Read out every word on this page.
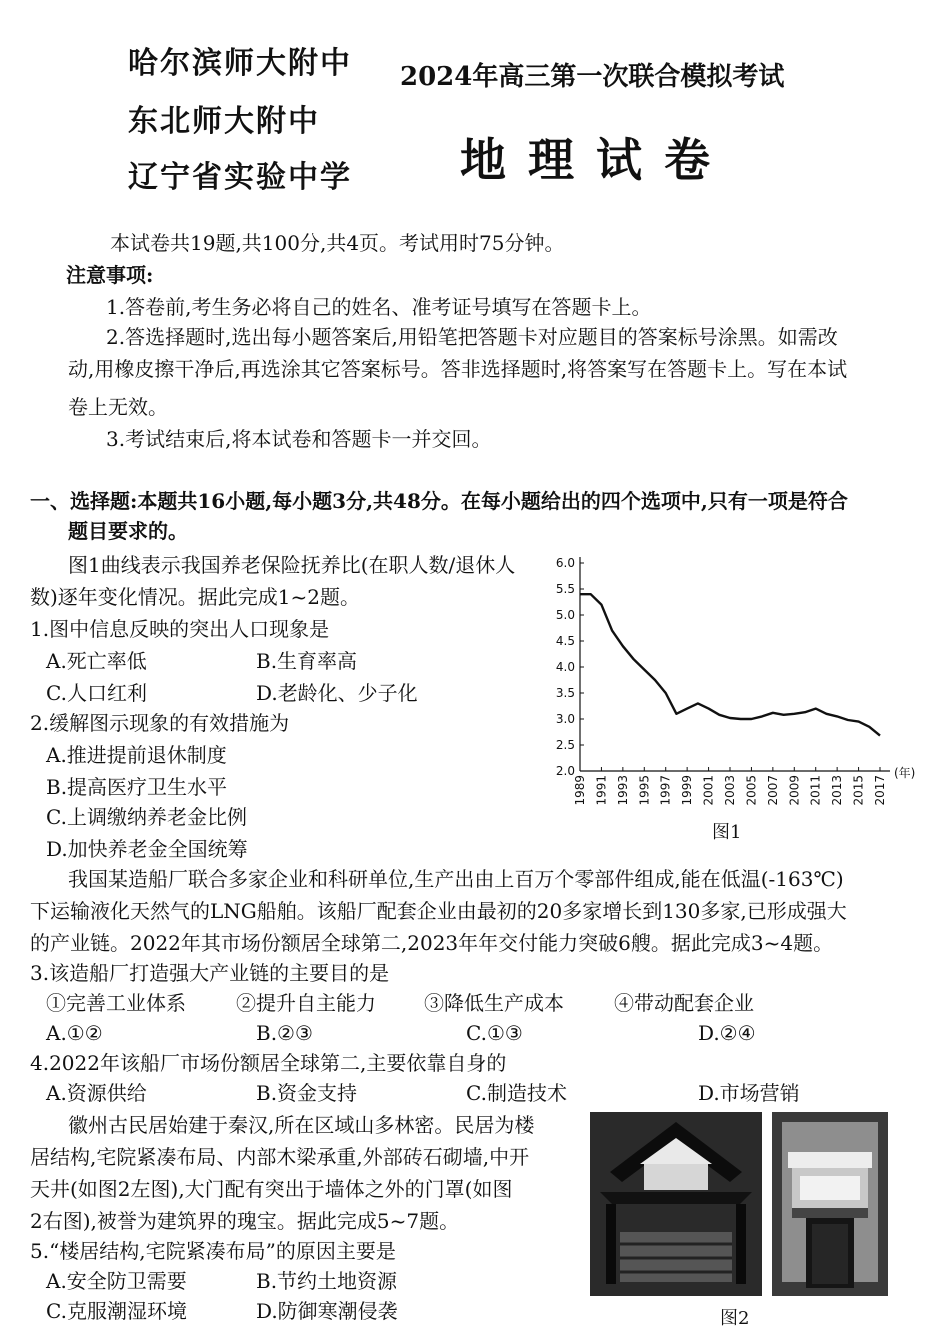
哈尔滨师大附中
东北师大附中
辽宁省实验中学
2024年高三第一次联合模拟考试
地理试卷
本试卷共19题,共100分,共4页。考试用时75分钟。
注意事项:
1.答卷前,考生务必将自己的姓名、准考证号填写在答题卡上。
2.答选择题时,选出每小题答案后,用铅笔把答题卡对应题目的答案标号涂黑。如需改
动,用橡皮擦干净后,再选涂其它答案标号。答非选择题时,将答案写在答题卡上。写在本试
卷上无效。
3.考试结束后,将本试卷和答题卡一并交回。
一、选择题:本题共16小题,每小题3分,共48分。在每小题给出的四个选项中,只有一项是符合
题目要求的。
图1曲线表示我国养老保险抚养比(在职人数/退休人
数)逐年变化情况。据此完成1~2题。
1.图中信息反映的突出人口现象是
A.死亡率低	B.生育率高
C.人口红利	D.老龄化、少子化
2.缓解图示现象的有效措施为
A.推进提前退休制度
B.提高医疗卫生水平
C.上调缴纳养老金比例
D.加快养老金全国统筹
2.0
2.5
3.0
3.5
4.0
4.5
5.0
5.5
6.0
1989 1991 1993 1995 1997 1999 2001 2003 2005 2007 2009 2011 2013 2015 2017
(年)
图1
我国某造船厂联合多家企业和科研单位,生产出由上百万个零部件组成,能在低温(-163℃)
下运输液化天然气的LNG船舶。该船厂配套企业由最初的20多家增长到130多家,已形成强大
的产业链。2022年其市场份额居全球第二,2023年年交付能力突破6艘。据此完成3~4题。
3.该造船厂打造强大产业链的主要目的是
①完善工业体系	②提升自主能力 ③降低生产成本	④带动配套企业
A.①②	B.②③	C.①③	D.②④
4.2022年该船厂市场份额居全球第二,主要依靠自身的
A.资源供给	B.资金支持	C.制造技术	D.市场营销
徽州古民居始建于秦汉,所在区域山多林密。民居为楼
居结构,宅院紧凑布局、内部木梁承重,外部砖石砌墙,中开
天井(如图2左图),大门配有突出于墙体之外的门罩(如图
2右图),被誉为建筑界的瑰宝。据此完成5~7题。
5.“楼居结构,宅院紧凑布局”的原因主要是
A.安全防卫需要	B.节约土地资源
C.克服潮湿环境	D.防御寒潮侵袭	图2
